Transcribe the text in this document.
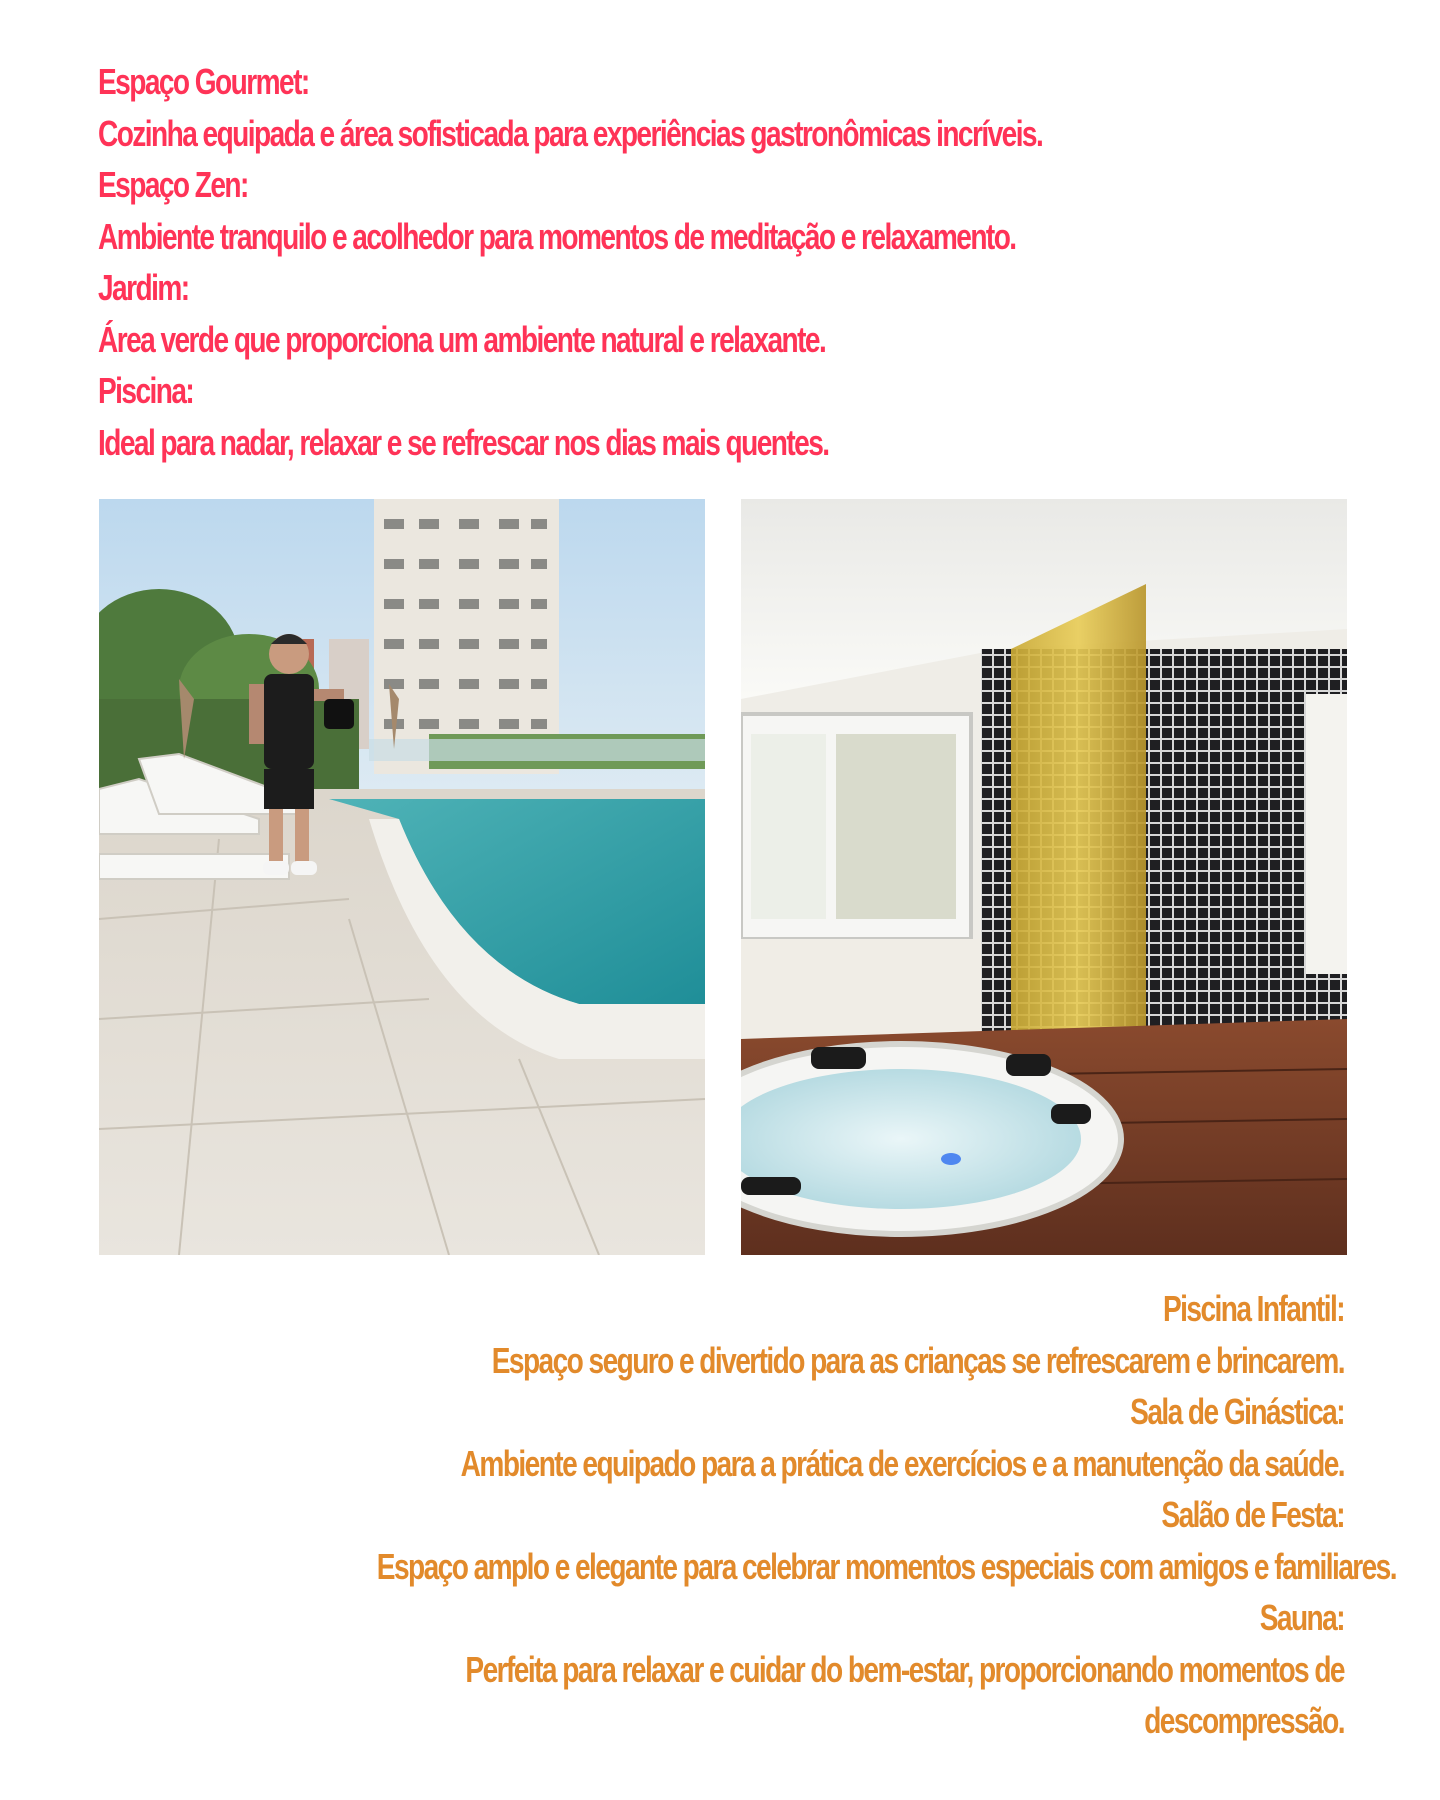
Espaço Gourmet:
Cozinha equipada e área sofisticada para experiências gastronômicas incríveis.
Espaço Zen:
Ambiente tranquilo e acolhedor para momentos de meditação e relaxamento.
Jardim:
Área verde que proporciona um ambiente natural e relaxante.
Piscina:
Ideal para nadar, relaxar e se refrescar nos dias mais quentes.
Piscina Infantil:
Espaço seguro e divertido para as crianças se refrescarem e brincarem.
Sala de Ginástica:
Ambiente equipado para a prática de exercícios e a manutenção da saúde.
Salão de Festa:
Espaço amplo e elegante para celebrar momentos especiais com amigos e familiares.
Sauna:
Perfeita para relaxar e cuidar do bem-estar, proporcionando momentos de
descompressão.
